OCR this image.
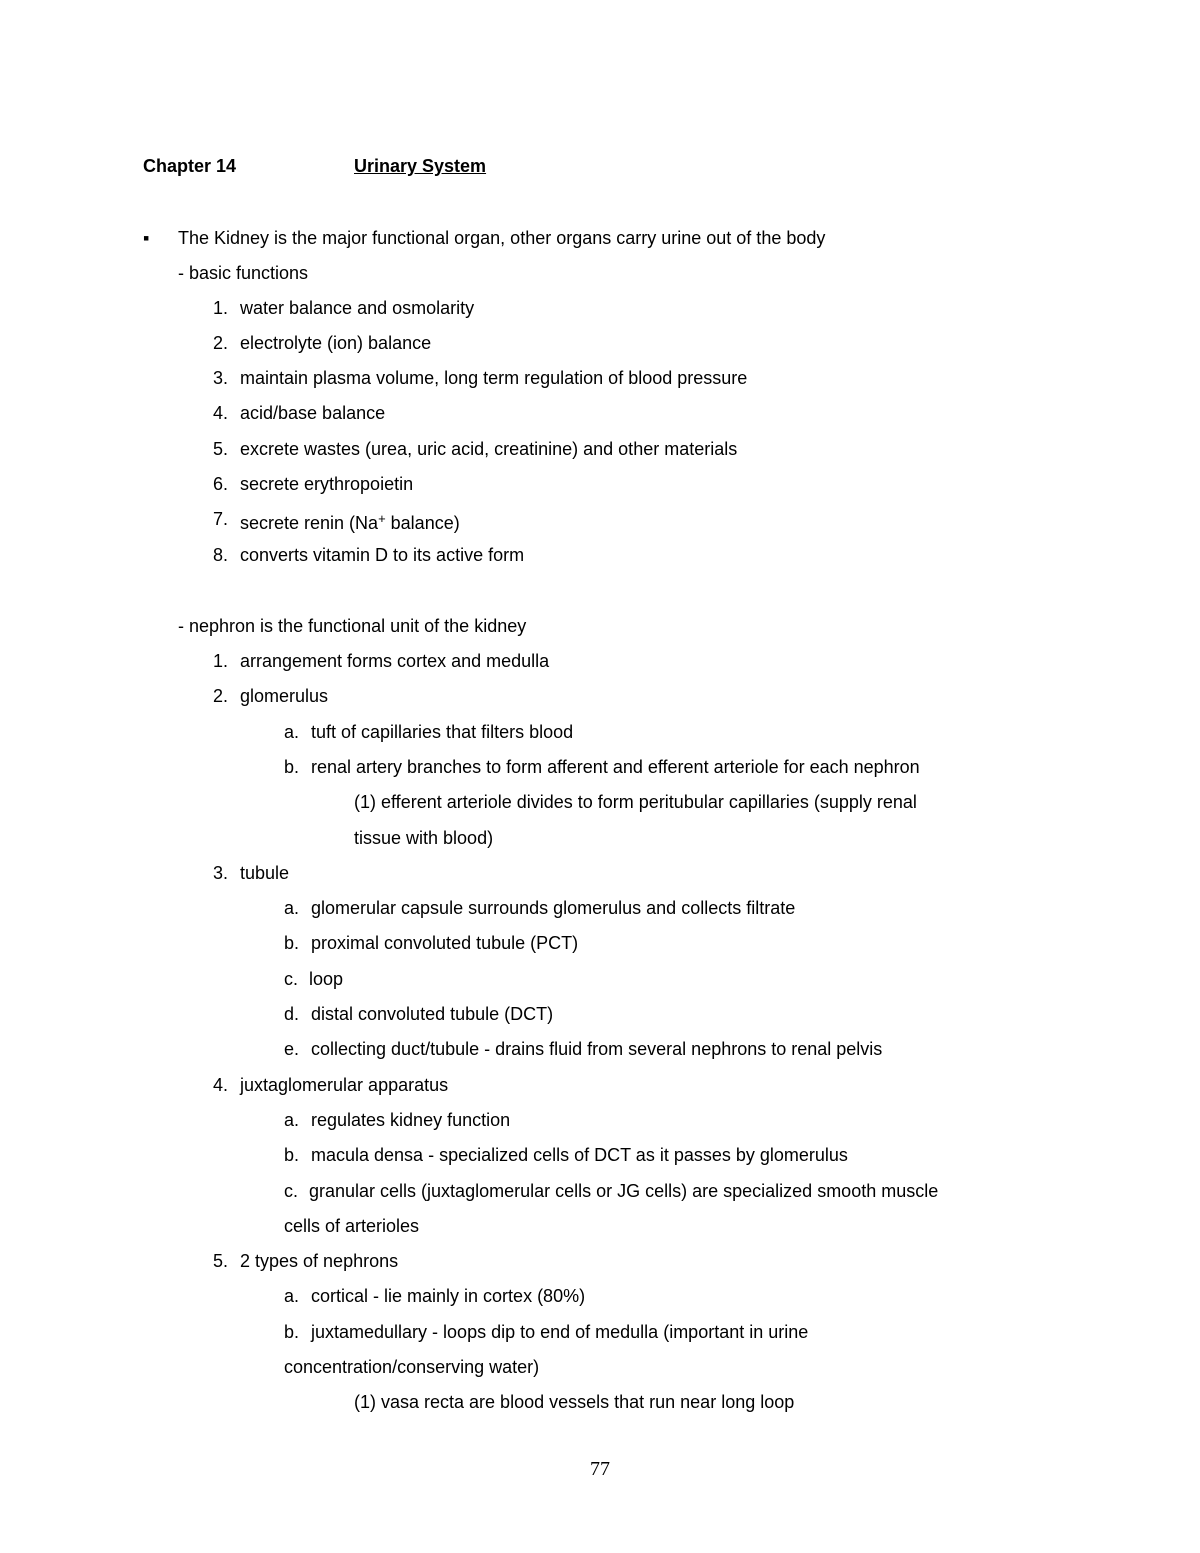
Chapter 14	Urinary System
▪ The Kidney is the major functional organ, other organs carry urine out of the body
- basic functions
1. water balance and osmolarity
2. electrolyte (ion) balance
3. maintain plasma volume, long term regulation of blood pressure
4. acid/base balance
5. excrete wastes (urea, uric acid, creatinine) and other materials
6. secrete erythropoietin
7. secrete renin (Na+ balance)
8. converts vitamin D to its active form
- nephron is the functional unit of the kidney
1. arrangement forms cortex and medulla
2. glomerulus
a. tuft of capillaries that filters blood
b. renal artery branches to form afferent and efferent arteriole for each nephron
(1) efferent arteriole divides to form peritubular capillaries (supply renal
tissue with blood)
3. tubule
a. glomerular capsule surrounds glomerulus and collects filtrate
b. proximal convoluted tubule (PCT)
c. loop
d. distal convoluted tubule (DCT)
e. collecting duct/tubule - drains fluid from several nephrons to renal pelvis
4. juxtaglomerular apparatus
a. regulates kidney function
b. macula densa - specialized cells of DCT as it passes by glomerulus
c. granular cells (juxtaglomerular cells or JG cells) are specialized smooth muscle
cells of arterioles
5. 2 types of nephrons
a. cortical - lie mainly in cortex (80%)
b. juxtamedullary - loops dip to end of medulla (important in urine
concentration/conserving water)
(1) vasa recta are blood vessels that run near long loop
77
